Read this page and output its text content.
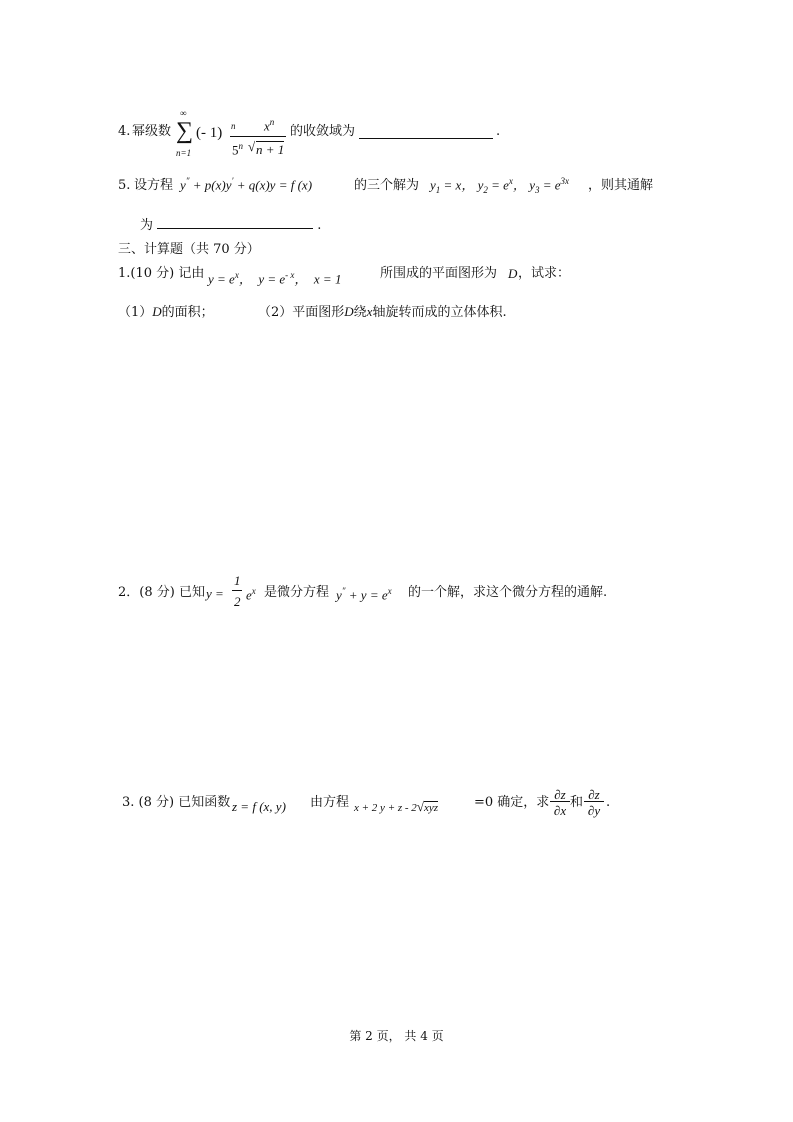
4. 幂级数
∞
∑
n=1
(- 1) n $x^n$
5$^n$ √ n + 1
的收敛域为	.
5. 设方程 y″ + p(x)y′ + q(x)y = f (x)	的三个解为 $y_1 = x$， $y_2 = e^x$， $y_3 = e^{3x}$ ，则其通解
为	.
三、计算题（共 70 分）
1.(10 分) 记由 $y = e^x$，  $y = e^{- x}$，  x = 1	所围成的平面图形为 D ，试求：
（1）D的面积；	（2）平面图形D绕x轴旋转而成的立体体积.
2．(8 分) 已知 y =
1
2 $e^x$ 是微分方程 $y'' + y = e^x$ 的一个解，求这个微分方程的通解.
3. (8 分) 已知函数 z = f (x, y) 由方程 x + 2 y + z - 2√xyz	=0 确定，求
∂z
∂x
和
∂z
∂y
.
第 2 页， 共 4 页
